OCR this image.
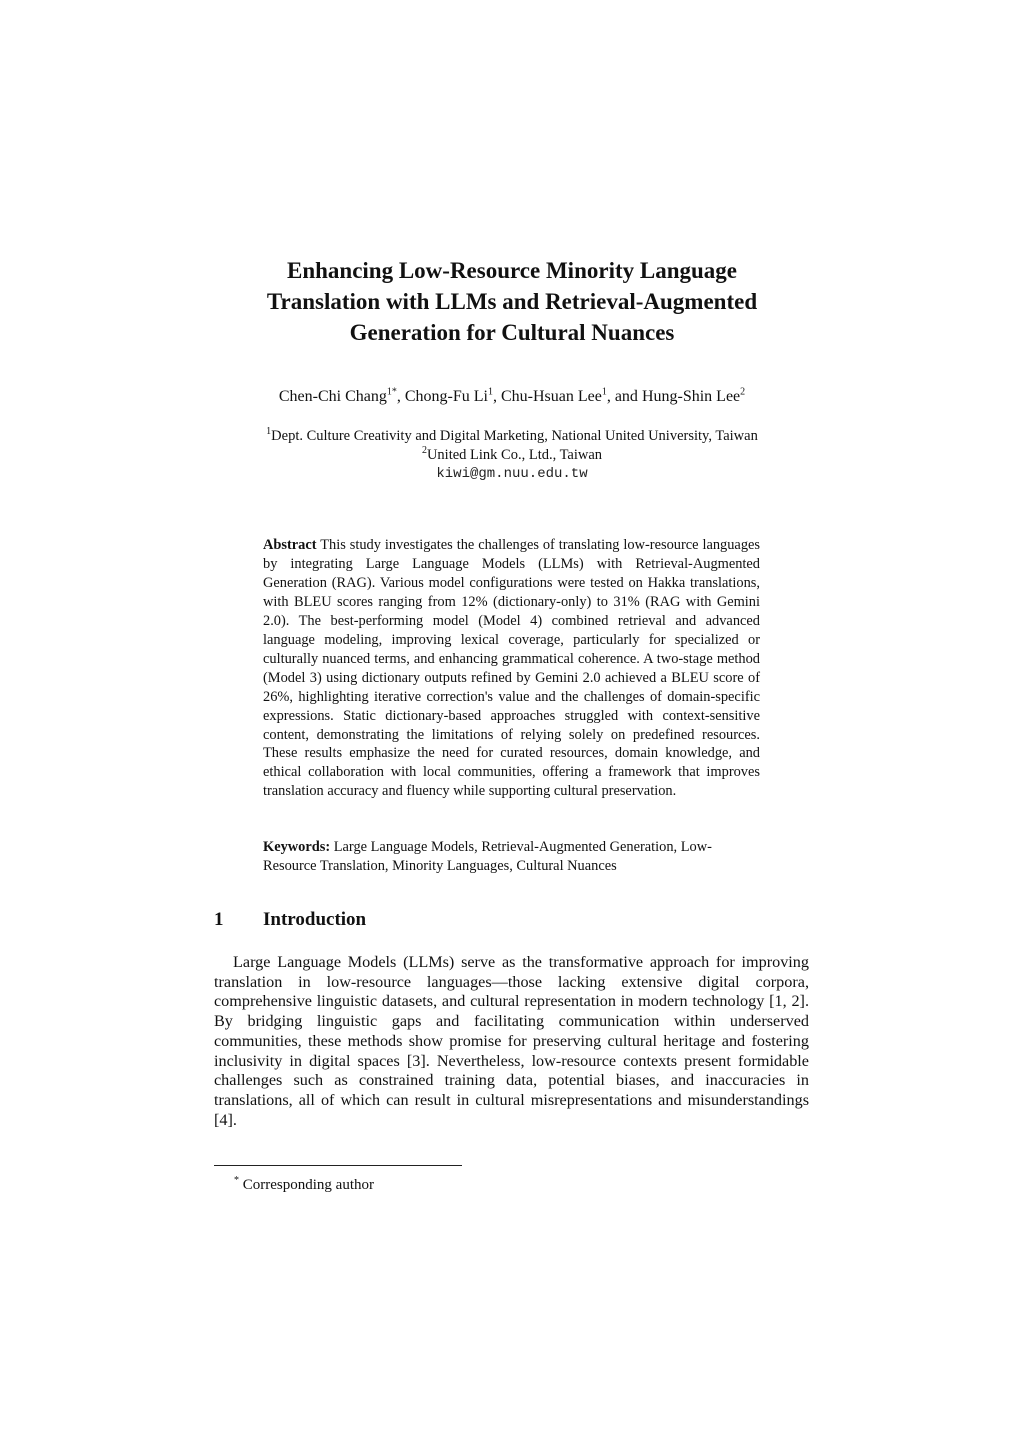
Enhancing Low-Resource Minority Language
Translation with LLMs and Retrieval-Augmented
Generation for Cultural Nuances
Chen-Chi Chang$^{1*}$, Chong-Fu Li$^1$, Chu-Hsuan Lee$^1$, and Hung-Shin Lee$^2$
$^1$Dept. Culture Creativity and Digital Marketing, National United University, Taiwan
$^2$United Link Co., Ltd., Taiwan
kiwi@gm.nuu.edu.tw
Abstract This study investigates the challenges of translating low-resource languages by integrating Large Language Models (LLMs) with Retrieval-Augmented Generation (RAG). Various model configurations were tested on Hakka translations, with BLEU scores ranging from 12% (dictionary-only) to 31% (RAG with Gemini 2.0). The best-performing model (Model 4) combined retrieval and advanced language modeling, improving lexical coverage, particularly for specialized or culturally nuanced terms, and enhancing grammatical coherence. A two-stage method (Model 3) using dictionary outputs refined by Gemini 2.0 achieved a BLEU score of 26%, highlighting iterative correction's value and the challenges of domain-specific expressions. Static dictionary-based approaches struggled with context-sensitive content, demonstrating the limitations of relying solely on predefined resources. These results emphasize the need for curated resources, domain knowledge, and ethical collaboration with local communities, offering a framework that improves translation accuracy and fluency while supporting cultural preservation.
Keywords: Large Language Models, Retrieval-Augmented Generation, Low-Resource Translation, Minority Languages, Cultural Nuances
1 Introduction
Large Language Models (LLMs) serve as the transformative approach for improving translation in low-resource languages—those lacking extensive digital corpora, comprehensive linguistic datasets, and cultural representation in modern technology [1, 2]. By bridging linguistic gaps and facilitating communication within underserved communities, these methods show promise for preserving cultural heritage and fostering inclusivity in digital spaces [3]. Nevertheless, low-resource contexts present formidable challenges such as constrained training data, potential biases, and inaccuracies in translations, all of which can result in cultural misrepresentations and misunderstandings [4].
* Corresponding author
